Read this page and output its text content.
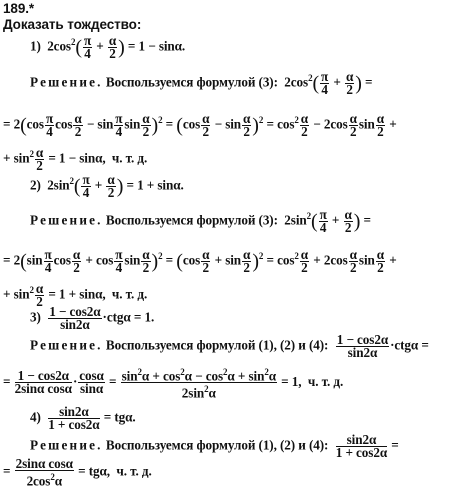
189.*
Доказать тождество:
1)  $2\cos^2( \frac{\pi}{4} + \frac{\alpha}{2}$ ) = 1 − sinα.
Решение. Воспользуемся формулой (3):  $2\cos^2( \frac{\pi}{4} + \frac{\alpha}{2}$ ) =
= $2(\cos \frac{\pi}{4}$ $\cos \frac{\alpha}{2} - \sin \frac{\pi}{4}$ $\sin \frac{\alpha}{2} )^2 = (\cos \frac{\alpha}{2} - \sin \frac{\alpha}{2} )^2 = \cos^2 \frac{\alpha}{2} - 2\cos \frac{\alpha}{2}$ $\sin \frac{\alpha}{2}$ +
+ $\sin^2 \frac{\alpha}{2} = 1 - \sin\alpha$,  ч. т. д.
2)  $2\sin^2( \frac{\pi}{4} + \frac{\alpha}{2}$ ) = 1 + sinα.
Решение. Воспользуемся формулой (3):  $2\sin^2( \frac{\pi}{4} + \frac{\alpha}{2}$ ) =
= $2(\sin \frac{\pi}{4}$ $\cos \frac{\alpha}{2} + \cos \frac{\pi}{4}$ $\sin \frac{\alpha}{2} )^2 = (\cos \frac{\alpha}{2} + \sin \frac{\alpha}{2} )^2 = \cos^2 \frac{\alpha}{2} + 2\cos \frac{\alpha}{2}$ $\sin \frac{\alpha}{2}$ +
+ $\sin^2 \frac{\alpha}{2} = 1 + \sin\alpha$,  ч. т. д.
$3) \frac{1 - \cos 2\alpha}{\sin 2\alpha} \cdot ctg\alpha = 1$.
Решение. Воспользуемся формулой (1), (2) и (4): $\frac{1 - \cos 2\alpha}{\sin 2\alpha} \cdot ctg\alpha$ =
= $\frac{1 - \cos 2\alpha}{\text{2sinα cosα}} \cdot \frac{\cos\alpha}{\sin\alpha} = \frac{\sin^2\alpha + \cos^2\alpha - \cos^2\alpha + \sin^2\alpha}{2\sin^2\alpha} = 1$,  ч. т. д.
$4) \frac{\sin 2\alpha}{1 + \cos 2\alpha} = tg\alpha$.
Решение. Воспользуемся формулой (1), (2) и (4): $\frac{\sin 2\alpha}{1 + \cos 2\alpha}$ =
= $\frac{\text{2sinα cosα}}{2\cos^2\alpha} = tg\alpha$,  ч. т. д.
